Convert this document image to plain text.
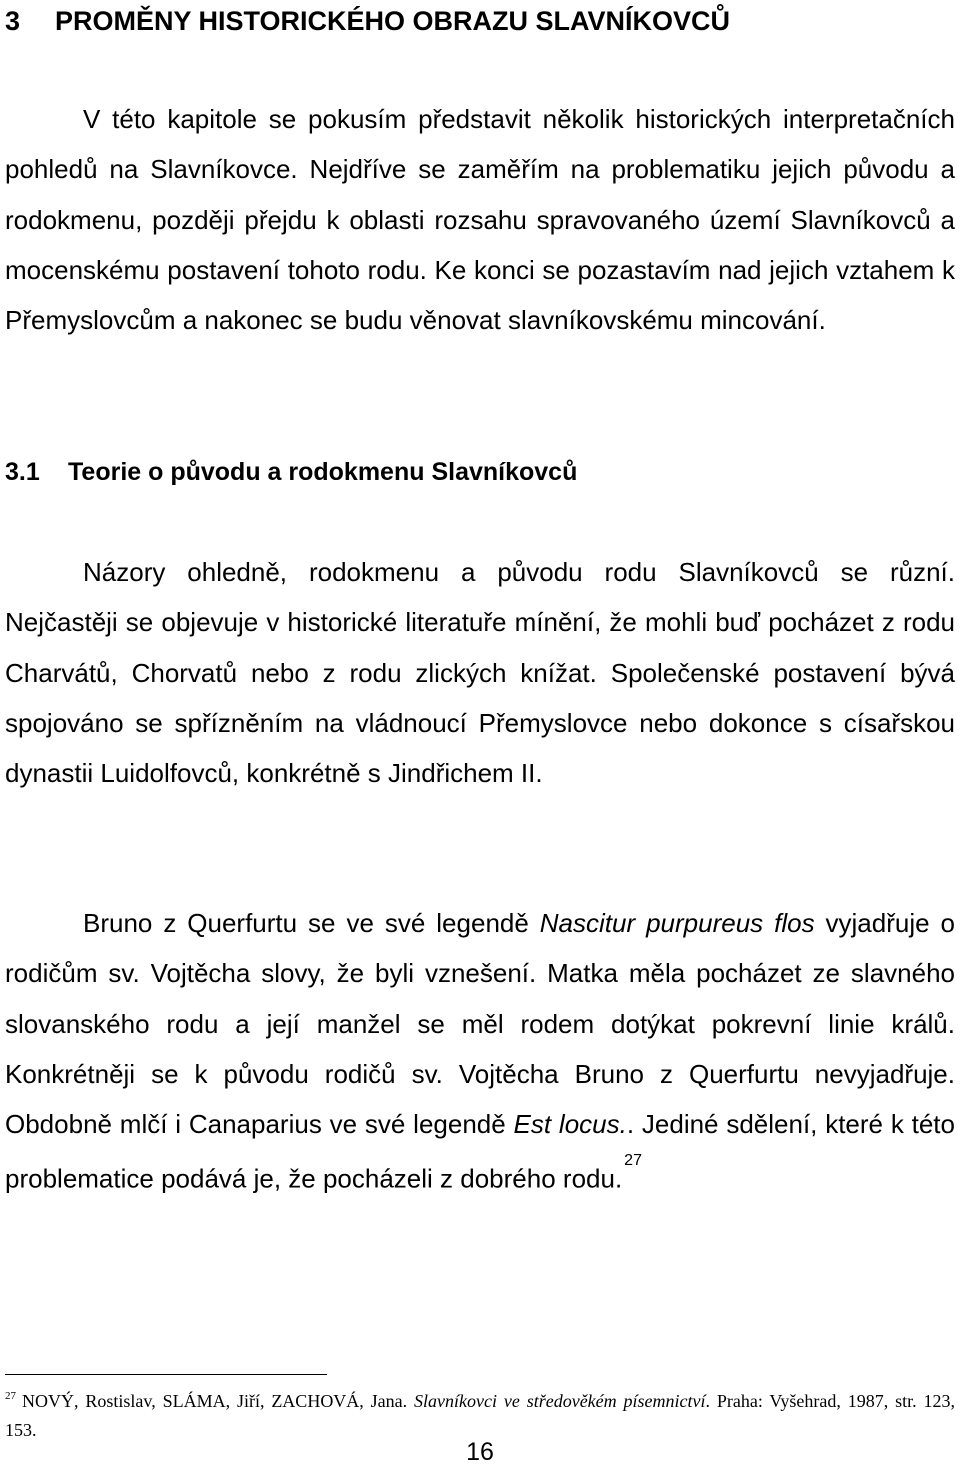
3 PROMĚNY HISTORICKÉHO OBRAZU SLAVNÍKOVCŮ

V této kapitole se pokusím představit několik historických interpretačních pohledů na Slavníkovce. Nejdříve se zaměřím na problematiku jejich původu a rodokmenu, později přejdu k oblasti rozsahu spravovaného území Slavníkovců a mocenskému postavení tohoto rodu. Ke konci se pozastavím nad jejich vztahem k Přemyslovcům a nakonec se budu věnovat slavníkovskému mincování.

3.1 Teorie o původu a rodokmenu Slavníkovců

Názory ohledně, rodokmenu a původu rodu Slavníkovců se různí. Nejčastěji se objevuje v historické literatuře mínění, že mohli buď pocházet z rodu Charvátů, Chorvatů nebo z rodu zlických knížat. Společenské postavení bývá spojováno se spřízněním na vládnoucí Přemyslovce nebo dokonce s císařskou dynastii Luidolfovců, konkrétně s Jindřichem II.

Bruno z Querfurtu se ve své legendě Nascitur purpureus flos vyjadřuje o rodičům sv. Vojtěcha slovy, že byli vznešení. Matka měla pocházet ze slavného slovanského rodu a její manžel se měl rodem dotýkat pokrevní linie králů. Konkrétněji se k původu rodičů sv. Vojtěcha Bruno z Querfurtu nevyjadřuje. Obdobně mlčí i Canaparius ve své legendě Est locus.. Jediné sdělení, které k této problematice podává je, že pocházeli z dobrého rodu.$^{27}$

$^{27}$ NOVÝ, Rostislav, SLÁMA, Jiří, ZACHOVÁ, Jana. Slavníkovci ve středověkém písemnictví. Praha: Vyšehrad, 1987, str. 123, 153.

16
